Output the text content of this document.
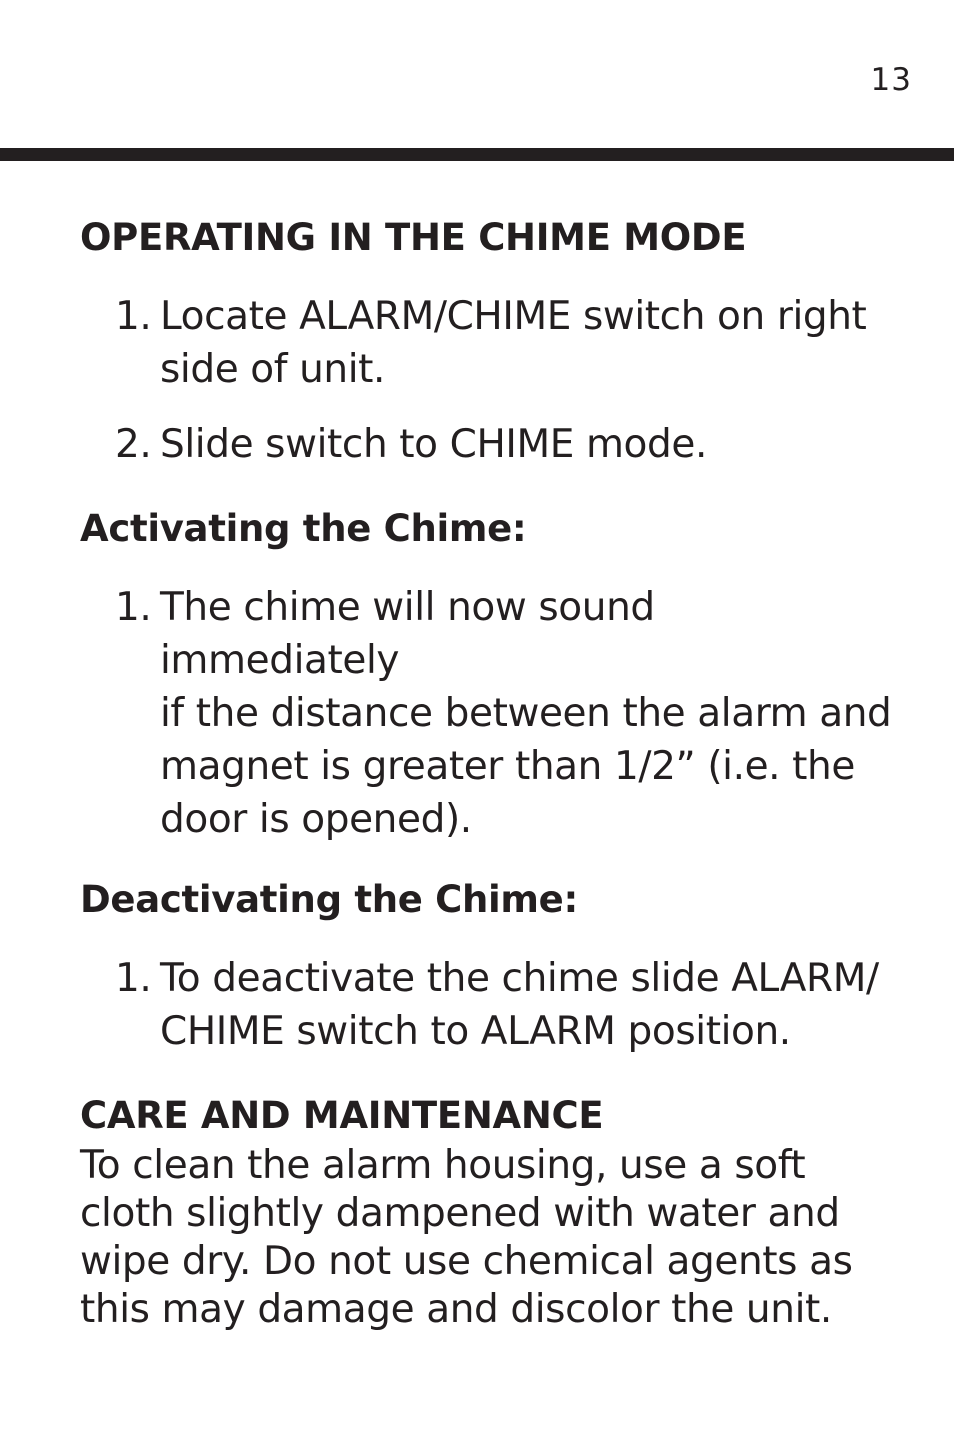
13
OPERATING IN THE CHIME MODE
1. Locate ALARM/CHIME switch on right
side of unit.
2. Slide switch to CHIME mode.
Activating the Chime:
1. The chime will now sound immediately
if the distance between the alarm and
magnet is greater than 1/2” (i.e. the
door is opened).
Deactivating the Chime:
1. To deactivate the chime slide ALARM/
CHIME switch to ALARM position.
CARE AND MAINTENANCE

To clean the alarm housing, use a soft
cloth slightly dampened with water and
wipe dry. Do not use chemical agents as
this may damage and discolor the unit.
